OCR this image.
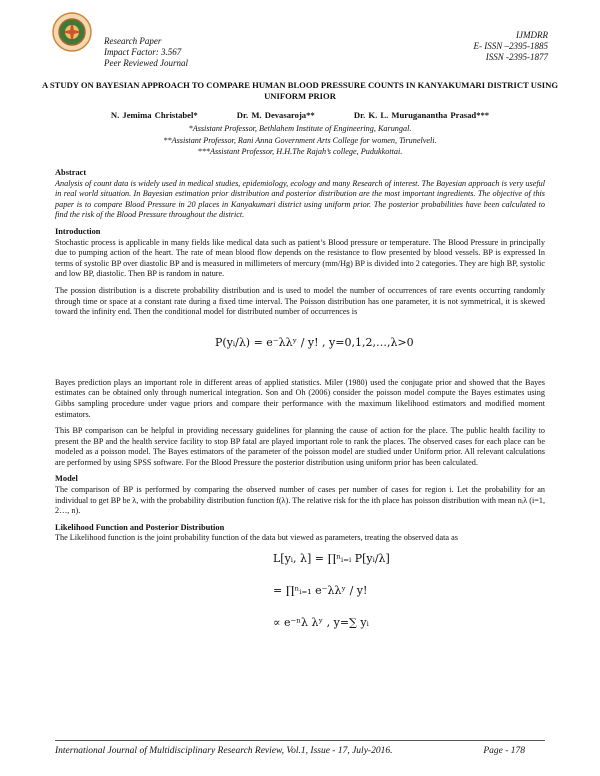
Research Paper
Impact Factor: 3.567
Peer Reviewed Journal
IJMDRR
E- ISSN –2395-1885
ISSN -2395-1877
A STUDY ON BAYESIAN APPROACH TO COMPARE HUMAN BLOOD PRESSURE COUNTS IN KANYAKUMARI DISTRICT USING UNIFORM PRIOR
N. Jemima Christabel*	Dr. M. Devasaroja**	Dr. K. L. Muruganantha Prasad***
*Assistant Professor, Bethlahem Institute of Engineering, Karungal.
**Assistant Professor, Rani Anna Government Arts College for women, Tirunelveli.
***Assistant Professor, H.H.The Rajah’s college, Pudukkottai.
Abstract

Analysis of count data is widely used in medical studies, epidemiology, ecology and many Research of interest. The Bayesian approach is very useful in real world situation. In Bayesian estimation prior distribution and posterior distribution are the most important ingredients. The objective of this paper is to compare Blood Pressure in 20 places in Kanyakumari district using uniform prior. The posterior probabilities have been calculated to find the risk of the Blood Pressure throughout the district.

Introduction

Stochastic process is applicable in many fields like medical data such as patient’s Blood pressure or temperature. The Blood Pressure in principally due to pumping action of the heart. The rate of mean blood flow depends on the resistance to flow presented by blood vessels. BP is expressed In terms of systolic BP over diastolic BP and is measured in millimeters of mercury (mm/Hg) BP is divided into 2 categories. They are high BP, systolic and low BP, diastolic. Then BP is random in nature.

The possion distribution is a discrete probability distribution and is used to model the number of occurrences of rare events occurring randomly through time or space at a constant rate during a fixed time interval. The Poisson distribution has one parameter, it is not symmetrical, it is skewed toward the infinity end. Then the conditional model for distributed number of occurrences is

P(yᵢ/λ) = e⁻λλʸ / y! , y=0,1,2,…,λ>0

Bayes prediction plays an important role in different areas of applied statistics. Miler (1980) used the conjugate prior and showed that the Bayes estimates can be obtained only through numerical integration. Son and Oh (2006) consider the poisson model compute the Bayes estimates using Gibbs sampling procedure under vague priors and compare their performance with the maximum likelihood estimators and modified moment estimators.

This BP comparison can be helpful in providing necessary guidelines for planning the cause of action for the place. The public health facility to present the BP and the health service facility to stop BP fatal are played important role to rank the places. The observed cases for each place can be modeled as a poisson model. The Bayes estimators of the parameter of the poisson model are studied under Uniform prior. All relevant calculations are performed by using SPSS software. For the Blood Pressure the posterior distribution using uniform prior has been calculated.

Model

The comparison of BP is performed by comparing the observed number of cases per number of cases for region i. Let the probability for an individual to get BP be λ, with the probability distribution function f(λ). The relative risk for the ith place has poisson distribution with mean nᵢλ (i=1, 2…, n).

Likelihood Function and Posterior Distribution

The Likelihood function is the joint probability function of the data but viewed as parameters, treating the observed data as

L[yᵢ, λ] = ∏ⁿᵢ₌ᵢ P[yᵢ/λ]
= ∏ⁿᵢ₌₁ e⁻λλʸ / y!
∝ e⁻ⁿλ λʸ , y=∑ yᵢ
International Journal of Multidisciplinary Research Review, Vol.1, Issue - 17, July-2016.	Page - 178
